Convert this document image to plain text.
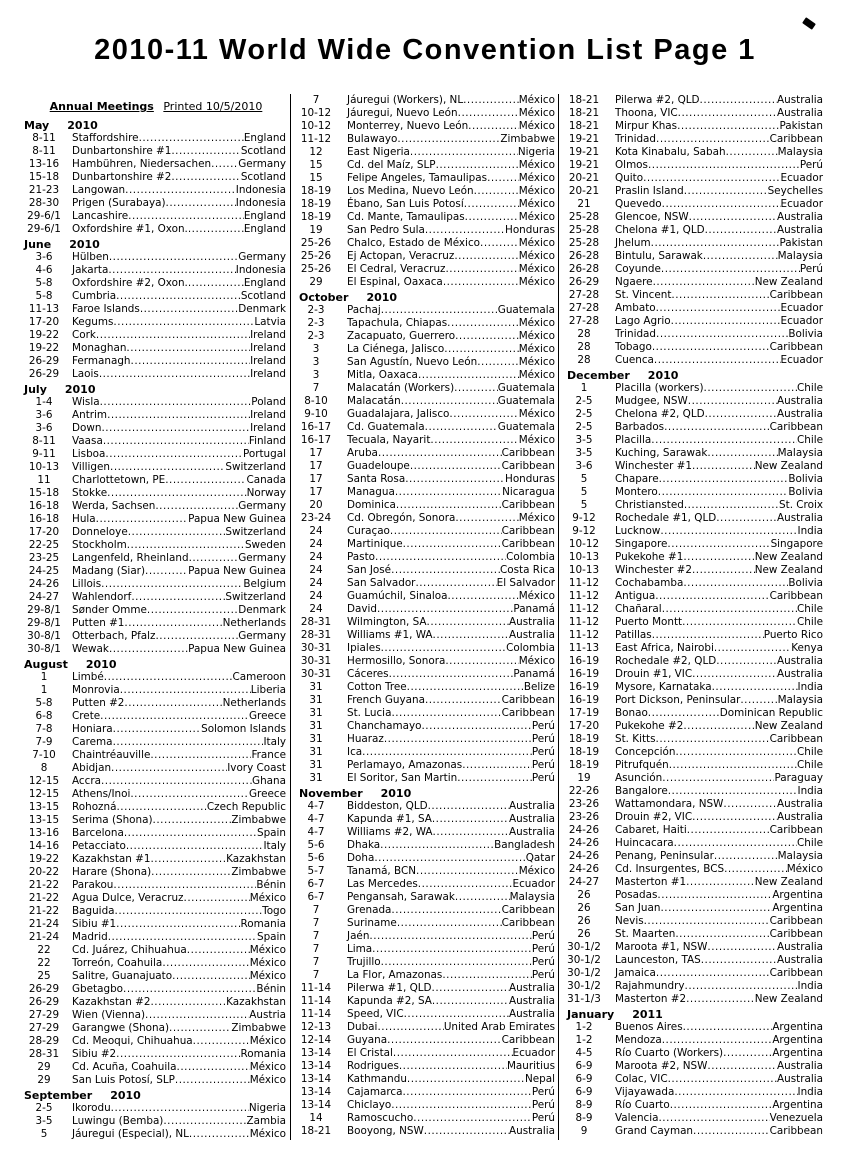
2010-11 World Wide Convention List Page 1
Annual Meetings Printed 10/5/2010
May 2010
8-11	Staffordshire .....	England
8-11	Dunbartonshire #1 .....	Scotland
13-16	Hambühren, Niedersachen .....	Germany
15-18	Dunbartonshire #2 .....	Scotland
21-23	Langowan .....	Indonesia
28-30	Prigen (Surabaya) .....	Indonesia
29-6/1	Lancashire .....	England
29-6/1	Oxfordshire #1, Oxon. .....	England
June 2010
3-6	Hülben .....	Germany
4-6	Jakarta .....	Indonesia
5-8	Oxfordshire #2, Oxon. .....	England
5-8	Cumbria .....	Scotland
11-13	Faroe Islands .....	Denmark
17-20	Kegums .....	Latvia
19-22	Cork .....	Ireland
19-22	Monaghan .....	Ireland
26-29	Fermanagh .....	Ireland
26-29	Laois .....	Ireland
July 2010
1-4	Wisla .....	Poland
3-6	Antrim .....	Ireland
3-6	Down .....	Ireland
8-11	Vaasa .....	Finland
9-11	Lisboa .....	Portugal
10-13	Villigen .....	Switzerland
11	Charlottetown, PE .....	Canada
15-18	Stokke .....	Norway
16-18	Werda, Sachsen .....	Germany
16-18	Hula .....	Papua New Guinea
17-20	Donneloye .....	Switzerland
22-25	Stockholm .....	Sweden
23-25	Langenfeld, Rheinland .....	Germany
24-25	Madang (Siar) .....	Papua New Guinea
24-26	Lillois .....	Belgium
24-27	Wahlendorf .....	Switzerland
29-8/1	Sønder Omme .....	Denmark
29-8/1	Putten #1 .....	Netherlands
30-8/1	Otterbach, Pfalz .....	Germany
30-8/1	Wewak .....	Papua New Guinea
August 2010
1	Limbé .....	Cameroon
1	Monrovia .....	Liberia
5-8	Putten #2 .....	Netherlands
6-8	Crete .....	Greece
7-8	Honiara .....	Solomon Islands
7-9	Carema .....	Italy
7-10	Chaintréauville .....	France
8	Abidjan .....	Ivory Coast
12-15	Accra .....	Ghana
12-15	Athens/Inoi .....	Greece
13-15	Rohozná .....	Czech Republic
13-15	Serima (Shona) .....	Zimbabwe
13-16	Barcelona .....	Spain
14-16	Petacciato .....	Italy
19-22	Kazakhstan #1 .....	Kazakhstan
20-22	Harare (Shona) .....	Zimbabwe
21-22	Parakou .....	Bénin
21-22	Agua Dulce, Veracruz .....	México
21-22	Baguida .....	Togo
21-24	Sibiu #1 .....	Romania
21-24	Madrid .....	Spain
22	Cd. Juárez, Chihuahua .....	México
22	Torreón, Coahuila .....	México
25	Salitre, Guanajuato .....	México
26-29	Gbetagbo .....	Bénin
26-29	Kazakhstan #2 .....	Kazakhstan
27-29	Wien (Vienna) .....	Austria
27-29	Garangwe (Shona) .....	Zimbabwe
28-29	Cd. Meoqui, Chihuahua .....	México
28-31	Sibiu #2 .....	Romania
29	Cd. Acuña, Coahuila .....	México
29	San Luis Potosí, SLP .....	México
September 2010
2-5	Ikorodu .....	Nigeria
3-5	Luwingu (Bemba) .....	Zambia
5	Jáuregui (Especial), NL .....	México
7	Jáuregui (Workers), NL .....	México
10-12	Jáuregui, Nuevo León .....	México
10-12	Monterrey, Nuevo León .....	México
11-12	Bulawayo .....	Zimbabwe
12	East Nigeria .....	Nigeria
15	Cd. del Maíz, SLP .....	México
15	Felipe Angeles, Tamaulipas .....	México
18-19	Los Medina, Nuevo León .....	México
18-19	Ébano, San Luis Potosí .....	México
18-19	Cd. Mante, Tamaulipas .....	México
19	San Pedro Sula .....	Honduras
25-26	Chalco, Estado de México .....	México
25-26	Ej Actopan, Veracruz .....	México
25-26	El Cedral, Veracruz .....	México
29	El Espinal, Oaxaca .....	México
October 2010
2-3	Pachaj .....	Guatemala
2-3	Tapachula, Chiapas .....	México
2-3	Zacapuato, Guerrero .....	México
3	La Ciénega, Jalisco .....	México
3	San Agustín, Nuevo León .....	México
3	Mitla, Oaxaca .....	México
7	Malacatán (Workers) .....	Guatemala
8-10	Malacatán .....	Guatemala
9-10	Guadalajara, Jalisco .....	México
16-17	Cd. Guatemala .....	Guatemala
16-17	Tecuala, Nayarit .....	México
17	Aruba .....	Caribbean
17	Guadeloupe .....	Caribbean
17	Santa Rosa .....	Honduras
17	Managua .....	Nicaragua
20	Dominica .....	Caribbean
23-24	Cd. Obregón, Sonora .....	México
24	Curaçao .....	Caribbean
24	Martinique .....	Caribbean
24	Pasto .....	Colombia
24	San José .....	Costa Rica
24	San Salvador .....	El Salvador
24	Guamúchil, Sinaloa .....	México
24	David .....	Panamá
28-31	Wilmington, SA .....	Australia
28-31	Williams #1, WA .....	Australia
30-31	Ipiales .....	Colombia
30-31	Hermosillo, Sonora .....	México
30-31	Cáceres .....	Panamá
31	Cotton Tree .....	Belize
31	French Guyana .....	Caribbean
31	St. Lucia .....	Caribbean
31	Chanchamayo .....	Perú
31	Huaraz .....	Perú
31	Ica .....	Perú
31	Perlamayo, Amazonas .....	Perú
31	El Soritor, San Martin .....	Perú
November 2010
4-7	Biddeston, QLD .....	Australia
4-7	Kapunda #1, SA .....	Australia
4-7	Williams #2, WA .....	Australia
5-6	Dhaka .....	Bangladesh
5-6	Doha .....	Qatar
5-7	Tanamá, BCN .....	México
6-7	Las Mercedes .....	Ecuador
6-7	Pengansah, Sarawak .....	Malaysia
7	Grenada .....	Caribbean
7	Suriname .....	Caribbean
7	Jaén .....	Perú
7	Lima .....	Perú
7	Trujillo .....	Perú
7	La Flor, Amazonas .....	Perú
11-14	Pilerwa #1, QLD .....	Australia
11-14	Kapunda #2, SA .....	Australia
11-14	Speed, VIC .....	Australia
12-13	Dubai .....	United Arab Emirates
12-14	Guyana .....	Caribbean
13-14	El Cristal .....	Ecuador
13-14	Rodrigues .....	Mauritius
13-14	Kathmandu .....	Nepal
13-14	Cajamarca .....	Perú
13-14	Chiclayo .....	Perú
14	Ramoscucho .....	Perú
18-21	Booyong, NSW .....	Australia
18-21	Pilerwa #2, QLD .....	Australia
18-21	Thoona, VIC .....	Australia
18-21	Mirpur Khas .....	Pakistan
19-21	Trinidad .....	Caribbean
19-21	Kota Kinabalu, Sabah .....	Malaysia
19-21	Olmos .....	Perú
20-21	Quito .....	Ecuador
20-21	Praslin Island .....	Seychelles
21	Quevedo .....	Ecuador
25-28	Glencoe, NSW .....	Australia
25-28	Chelona #1, QLD .....	Australia
25-28	Jhelum .....	Pakistan
26-28	Bintulu, Sarawak .....	Malaysia
26-28	Coyunde .....	Perú
26-29	Ngaere .....	New Zealand
27-28	St. Vincent .....	Caribbean
27-28	Ambato .....	Ecuador
27-28	Lago Agrio .....	Ecuador
28	Trinidad .....	Bolivia
28	Tobago .....	Caribbean
28	Cuenca .....	Ecuador
December 2010
1	Placilla (workers) .....	Chile
2-5	Mudgee, NSW .....	Australia
2-5	Chelona #2, QLD .....	Australia
2-5	Barbados .....	Caribbean
3-5	Placilla .....	Chile
3-5	Kuching, Sarawak .....	Malaysia
3-6	Winchester #1 .....	New Zealand
5	Chapare .....	Bolivia
5	Montero .....	Bolivia
5	Christiansted .....	St. Croix
9-12	Rochedale #1, QLD .....	Australia
9-12	Lucknow .....	India
10-12	Singapore .....	Singapore
10-13	Pukekohe #1 .....	New Zealand
10-13	Winchester #2 .....	New Zealand
11-12	Cochabamba .....	Bolivia
11-12	Antigua .....	Caribbean
11-12	Chañaral .....	Chile
11-12	Puerto Montt .....	Chile
11-12	Patillas .....	Puerto Rico
11-13	East Africa, Nairobi .....	Kenya
16-19	Rochedale #2, QLD .....	Australia
16-19	Drouin #1, VIC .....	Australia
16-19	Mysore, Karnataka .....	India
16-19	Port Dickson, Peninsular .....	Malaysia
17-19	Bonao .....	Dominican Republic
17-20	Pukekohe #2 .....	New Zealand
18-19	St. Kitts .....	Caribbean
18-19	Concepción .....	Chile
18-19	Pitrufquén .....	Chile
19	Asunción .....	Paraguay
22-26	Bangalore .....	India
23-26	Wattamondara, NSW .....	Australia
23-26	Drouin #2, VIC .....	Australia
24-26	Cabaret, Haiti .....	Caribbean
24-26	Huincacara .....	Chile
24-26	Penang, Peninsular .....	Malaysia
24-26	Cd. Insurgentes, BCS .....	México
24-27	Masterton #1 .....	New Zealand
26	Posadas .....	Argentina
26	San Juan .....	Argentina
26	Nevis .....	Caribbean
26	St. Maarten .....	Caribbean
30-1/2	Maroota #1, NSW .....	Australia
30-1/2	Launceston, TAS .....	Australia
30-1/2	Jamaica .....	Caribbean
30-1/2	Rajahmundry .....	India
31-1/3	Masterton #2 .....	New Zealand
January 2011
1-2	Buenos Aires .....	Argentina
1-2	Mendoza .....	Argentina
4-5	Río Cuarto (Workers) .....	Argentina
6-9	Maroota #2, NSW .....	Australia
6-9	Colac, VIC .....	Australia
6-9	Vijayawada .....	India
8-9	Río Cuarto .....	Argentina
8-9	Valencia .....	Venezuela
9	Grand Cayman .....	Caribbean
